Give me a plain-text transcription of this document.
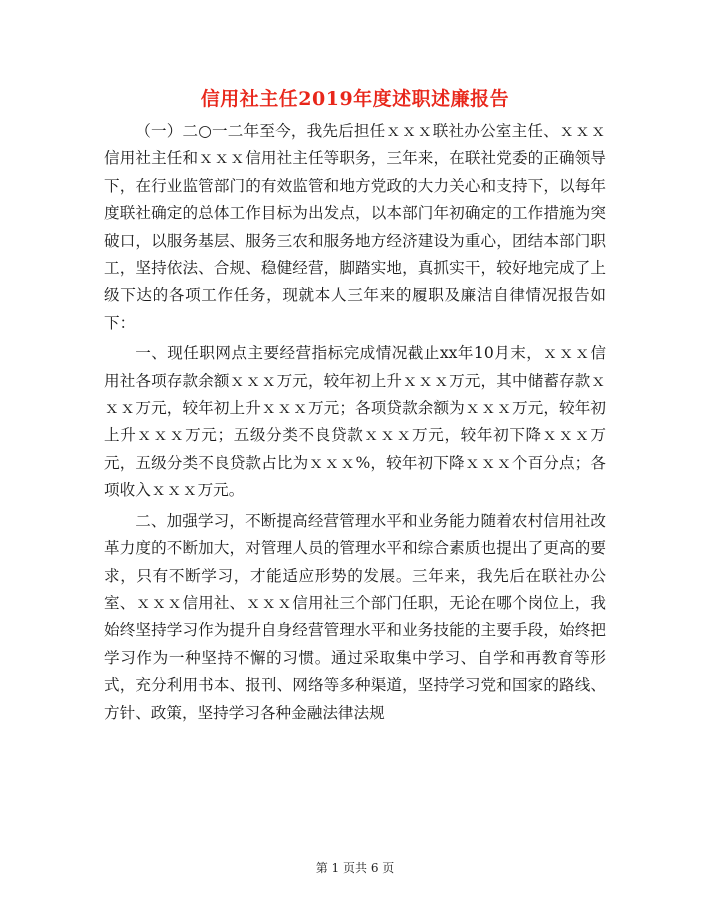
信用社主任2019年度述职述廉报告

（一）二○一二年至今，我先后担任ｘｘｘ联社办公室主任、ｘｘｘ信用社主任和ｘｘｘ信用社主任等职务，三年来，在联社党委的正确领导下，在行业监管部门的有效监管和地方党政的大力关心和支持下，以每年度联社确定的总体工作目标为出发点，以本部门年初确定的工作措施为突破口，以服务基层、服务三农和服务地方经济建设为重心，团结本部门职工，坚持依法、合规、稳健经营，脚踏实地，真抓实干，较好地完成了上级下达的各项工作任务，现就本人三年来的履职及廉洁自律情况报告如下：

一、现任职网点主要经营指标完成情况截止xx年10月末，ｘｘｘ信用社各项存款余额ｘｘｘ万元，较年初上升ｘｘｘ万元，其中储蓄存款ｘｘｘ万元，较年初上升ｘｘｘ万元；各项贷款余额为ｘｘｘ万元，较年初上升ｘｘｘ万元；五级分类不良贷款ｘｘｘ万元，较年初下降ｘｘｘ万元，五级分类不良贷款占比为ｘｘｘ%，较年初下降ｘｘｘ个百分点；各项收入ｘｘｘ万元。

二、加强学习，不断提高经营管理水平和业务能力随着农村信用社改革力度的不断加大，对管理人员的管理水平和综合素质也提出了更高的要求，只有不断学习，才能适应形势的发展。三年来，我先后在联社办公室、ｘｘｘ信用社、ｘｘｘ信用社三个部门任职，无论在哪个岗位上，我始终坚持学习作为提升自身经营管理水平和业务技能的主要手段，始终把学习作为一种坚持不懈的习惯。通过采取集中学习、自学和再教育等形式，充分利用书本、报刊、网络等多种渠道，坚持学习党和国家的路线、方针、政策，坚持学习各种金融法律法规

第 1 页共 6 页
